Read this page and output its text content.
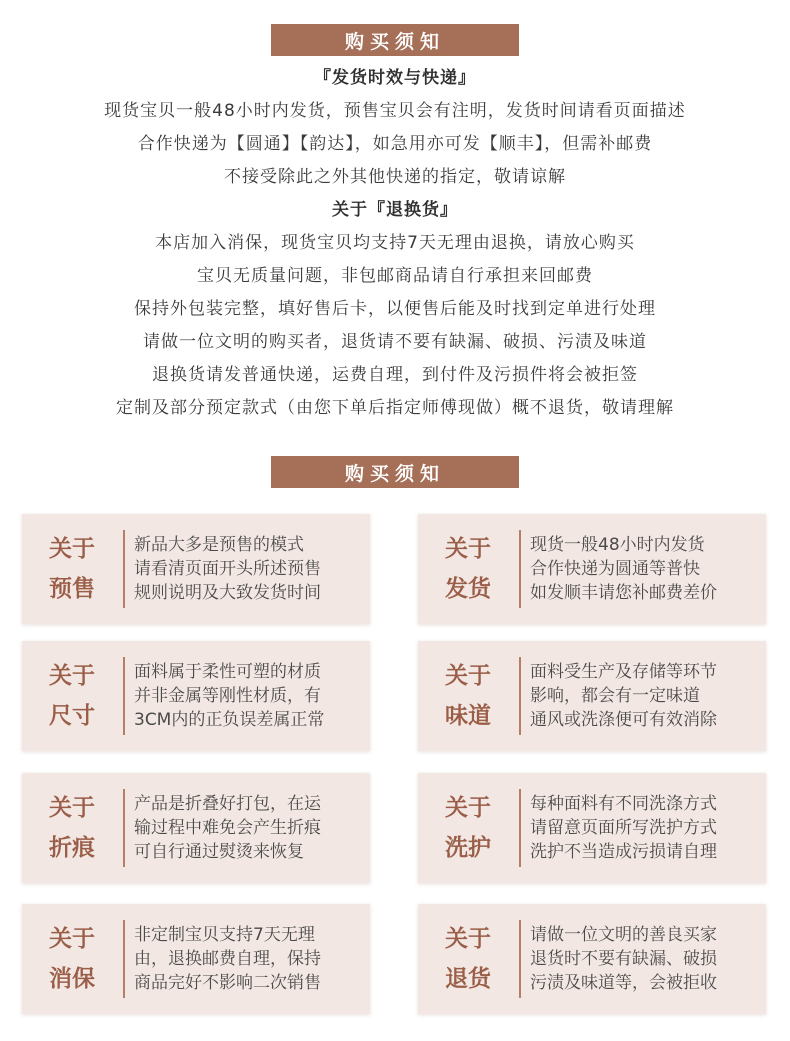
购买须知
『发货时效与快递』
现货宝贝一般48小时内发货，预售宝贝会有注明，发货时间请看页面描述
合作快递为【圆通】【韵达】，如急用亦可发【顺丰】，但需补邮费
不接受除此之外其他快递的指定，敬请谅解
关于『退换货』
本店加入消保，现货宝贝均支持7天无理由退换，请放心购买
宝贝无质量问题，非包邮商品请自行承担来回邮费
保持外包装完整，填好售后卡，以便售后能及时找到定单进行处理
请做一位文明的购买者，退货请不要有缺漏、破损、污渍及味道
退换货请发普通快递，运费自理，到付件及污损件将会被拒签
定制及部分预定款式（由您下单后指定师傅现做）概不退货，敬请理解
购买须知
关于
预售
新品大多是预售的模式
请看清页面开头所述预售
规则说明及大致发货时间
关于
发货
现货一般48小时内发货
合作快递为圆通等普快
如发顺丰请您补邮费差价
关于
尺寸
面料属于柔性可塑的材质
并非金属等刚性材质，有
3CM内的正负误差属正常
关于
味道
面料受生产及存储等环节
影响，都会有一定味道
通风或洗涤便可有效消除
关于
折痕
产品是折叠好打包，在运
输过程中难免会产生折痕
可自行通过熨烫来恢复
关于
洗护
每种面料有不同洗涤方式
请留意页面所写洗护方式
洗护不当造成污损请自理
关于
消保
非定制宝贝支持7天无理
由，退换邮费自理，保持
商品完好不影响二次销售
关于
退货
请做一位文明的善良买家
退货时不要有缺漏、破损
污渍及味道等，会被拒收
